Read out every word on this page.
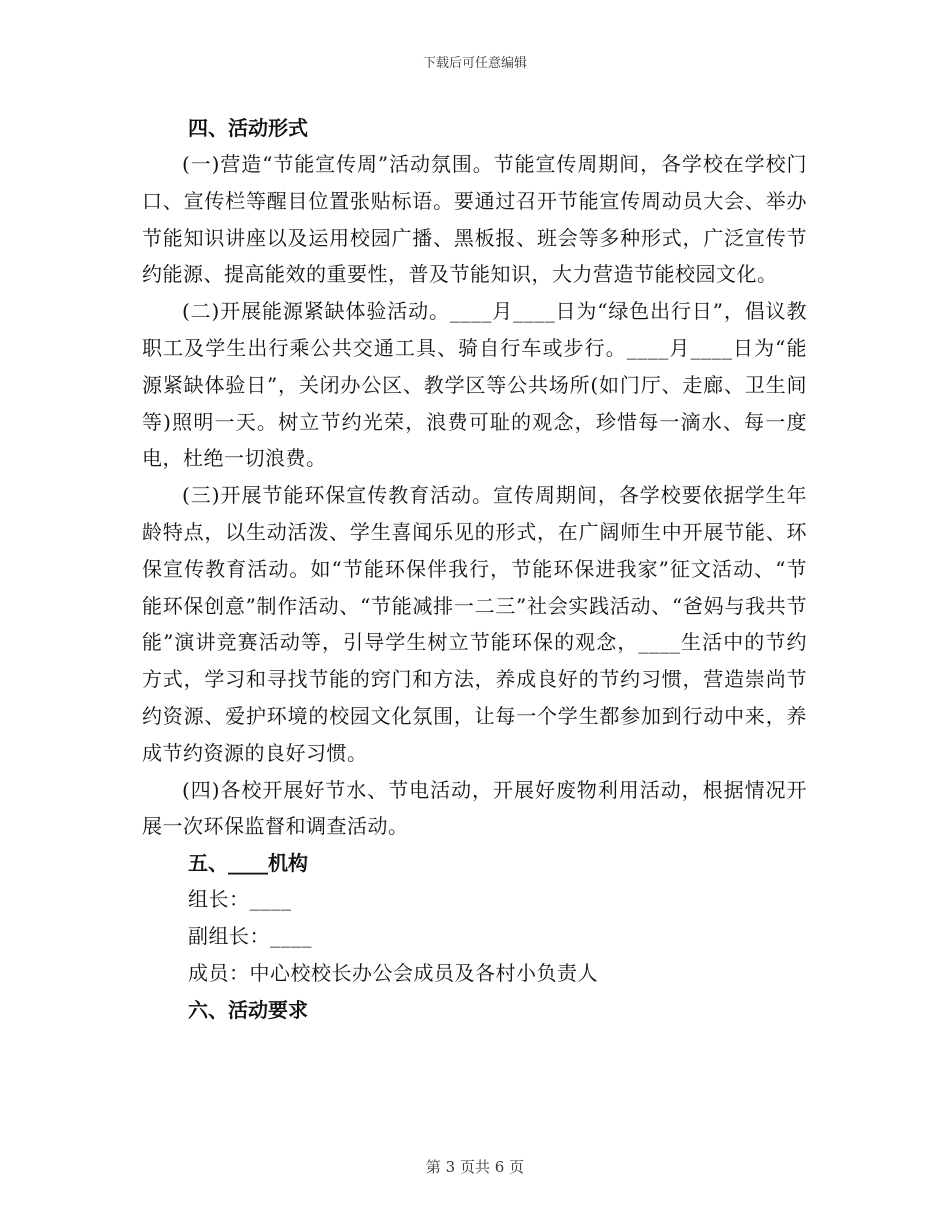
下载后可任意编辑

四、活动形式

(一)营造“节能宣传周”活动氛围。节能宣传周期间，各学校在学校门口、宣传栏等醒目位置张贴标语。要通过召开节能宣传周动员大会、举办节能知识讲座以及运用校园广播、黑板报、班会等多种形式，广泛宣传节约能源、提高能效的重要性，普及节能知识，大力营造节能校园文化。

(二)开展能源紧缺体验活动。____月____日为“绿色出行日”，倡议教职工及学生出行乘公共交通工具、骑自行车或步行。____月____日为“能源紧缺体验日”，关闭办公区、教学区等公共场所(如门厅、走廊、卫生间等)照明一天。树立节约光荣，浪费可耻的观念，珍惜每一滴水、每一度电，杜绝一切浪费。

(三)开展节能环保宣传教育活动。宣传周期间，各学校要依据学生年龄特点，以生动活泼、学生喜闻乐见的形式，在广阔师生中开展节能、环保宣传教育活动。如“节能环保伴我行，节能环保进我家”征文活动、“节能环保创意”制作活动、“节能减排一二三”社会实践活动、“爸妈与我共节能”演讲竞赛活动等，引导学生树立节能环保的观念，____生活中的节约方式，学习和寻找节能的窍门和方法，养成良好的节约习惯，营造崇尚节约资源、爱护环境的校园文化氛围，让每一个学生都参加到行动中来，养成节约资源的良好习惯。

(四)各校开展好节水、节电活动，开展好废物利用活动，根据情况开展一次环保监督和调查活动。

五、____机构

组长：____

副组长：____

成员：中心校校长办公会成员及各村小负责人

六、活动要求

第 3 页共 6 页
